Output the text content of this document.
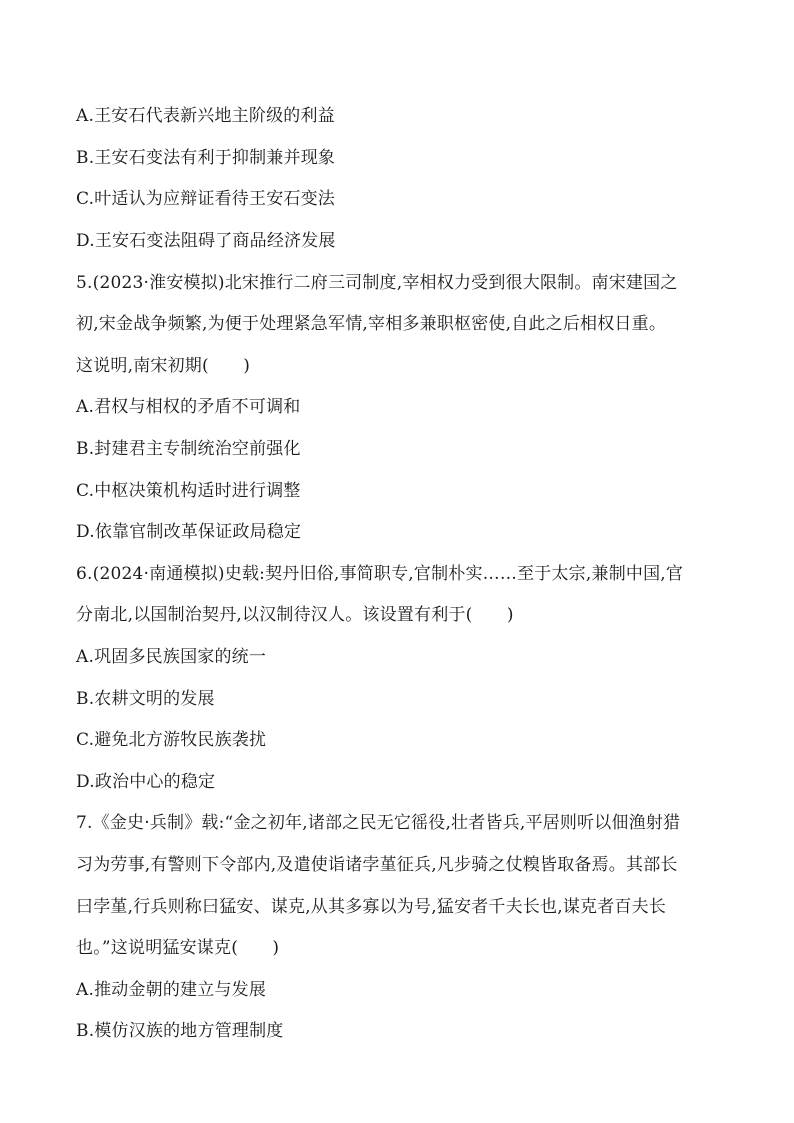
A.王安石代表新兴地主阶级的利益
B.王安石变法有利于抑制兼并现象
C.叶适认为应辩证看待王安石变法
D.王安石变法阻碍了商品经济发展
5.(2023·淮安模拟)北宋推行二府三司制度,宰相权力受到很大限制。南宋建国之
初,宋金战争频繁,为便于处理紧急军情,宰相多兼职枢密使,自此之后相权日重。
这说明,南宋初期(　　)
A.君权与相权的矛盾不可调和
B.封建君主专制统治空前强化
C.中枢决策机构适时进行调整
D.依靠官制改革保证政局稳定
6.(2024·南通模拟)史载:契丹旧俗,事简职专,官制朴实……至于太宗,兼制中国,官
分南北,以国制治契丹,以汉制待汉人。该设置有利于(　　)
A.巩固多民族国家的统一
B.农耕文明的发展
C.避免北方游牧民族袭扰
D.政治中心的稳定
7.《金史·兵制》载:“金之初年,诸部之民无它徭役,壮者皆兵,平居则听以佃渔射猎
习为劳事,有警则下令部内,及遣使诣诸孛堇征兵,凡步骑之仗糗皆取备焉。其部长
曰孛堇,行兵则称曰猛安、谋克,从其多寡以为号,猛安者千夫长也,谋克者百夫长
也。”这说明猛安谋克(　　)
A.推动金朝的建立与发展
B.模仿汉族的地方管理制度
